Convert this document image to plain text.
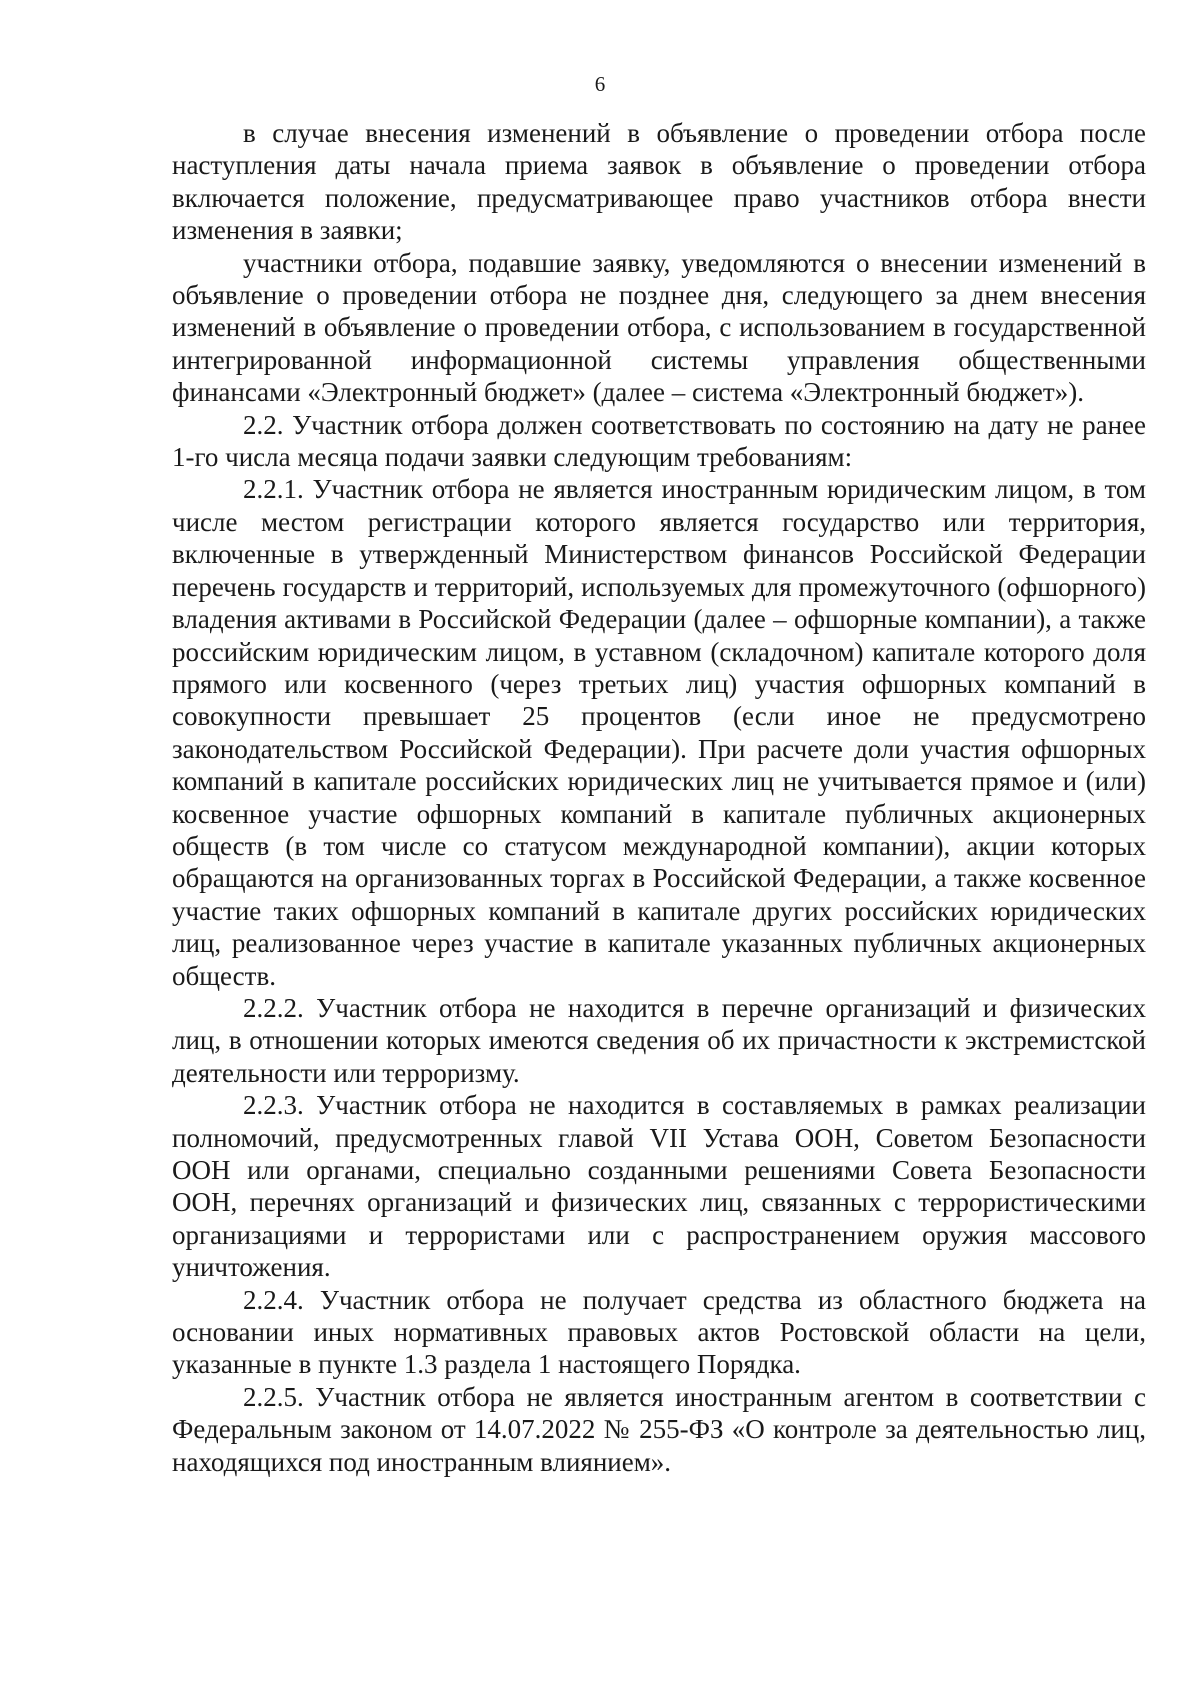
6

в случае внесения изменений в объявление о проведении отбора после наступления даты начала приема заявок в объявление о проведении отбора включается положение, предусматривающее право участников отбора внести изменения в заявки;

участники отбора, подавшие заявку, уведомляются о внесении изменений в объявление о проведении отбора не позднее дня, следующего за днем внесения изменений в объявление о проведении отбора, с использованием в государственной интегрированной информационной системы управления общественными финансами «Электронный бюджет» (далее – система «Электронный бюджет»).

2.2. Участник отбора должен соответствовать по состоянию на дату не ранее 1-го числа месяца подачи заявки следующим требованиям:

2.2.1. Участник отбора не является иностранным юридическим лицом, в том числе местом регистрации которого является государство или территория, включенные в утвержденный Министерством финансов Российской Федерации перечень государств и территорий, используемых для промежуточного (офшорного) владения активами в Российской Федерации (далее – офшорные компании), а также российским юридическим лицом, в уставном (складочном) капитале которого доля прямого или косвенного (через третьих лиц) участия офшорных компаний в совокупности превышает 25 процентов (если иное не предусмотрено законодательством Российской Федерации). При расчете доли участия офшорных компаний в капитале российских юридических лиц не учитывается прямое и (или) косвенное участие офшорных компаний в капитале публичных акционерных обществ (в том числе со статусом международной компании), акции которых обращаются на организованных торгах в Российской Федерации, а также косвенное участие таких офшорных компаний в капитале других российских юридических лиц, реализованное через участие в капитале указанных публичных акционерных обществ.

2.2.2. Участник отбора не находится в перечне организаций и физических лиц, в отношении которых имеются сведения об их причастности к экстремистской деятельности или терроризму.

2.2.3. Участник отбора не находится в составляемых в рамках реализации полномочий, предусмотренных главой VII Устава ООН, Советом Безопасности ООН или органами, специально созданными решениями Совета Безопасности ООН, перечнях организаций и физических лиц, связанных с террористическими организациями и террористами или с распространением оружия массового уничтожения.

2.2.4. Участник отбора не получает средства из областного бюджета на основании иных нормативных правовых актов Ростовской области на цели, указанные в пункте 1.3 раздела 1 настоящего Порядка.

2.2.5. Участник отбора не является иностранным агентом в соответствии с Федеральным законом от 14.07.2022 № 255-ФЗ «О контроле за деятельностью лиц, находящихся под иностранным влиянием».
